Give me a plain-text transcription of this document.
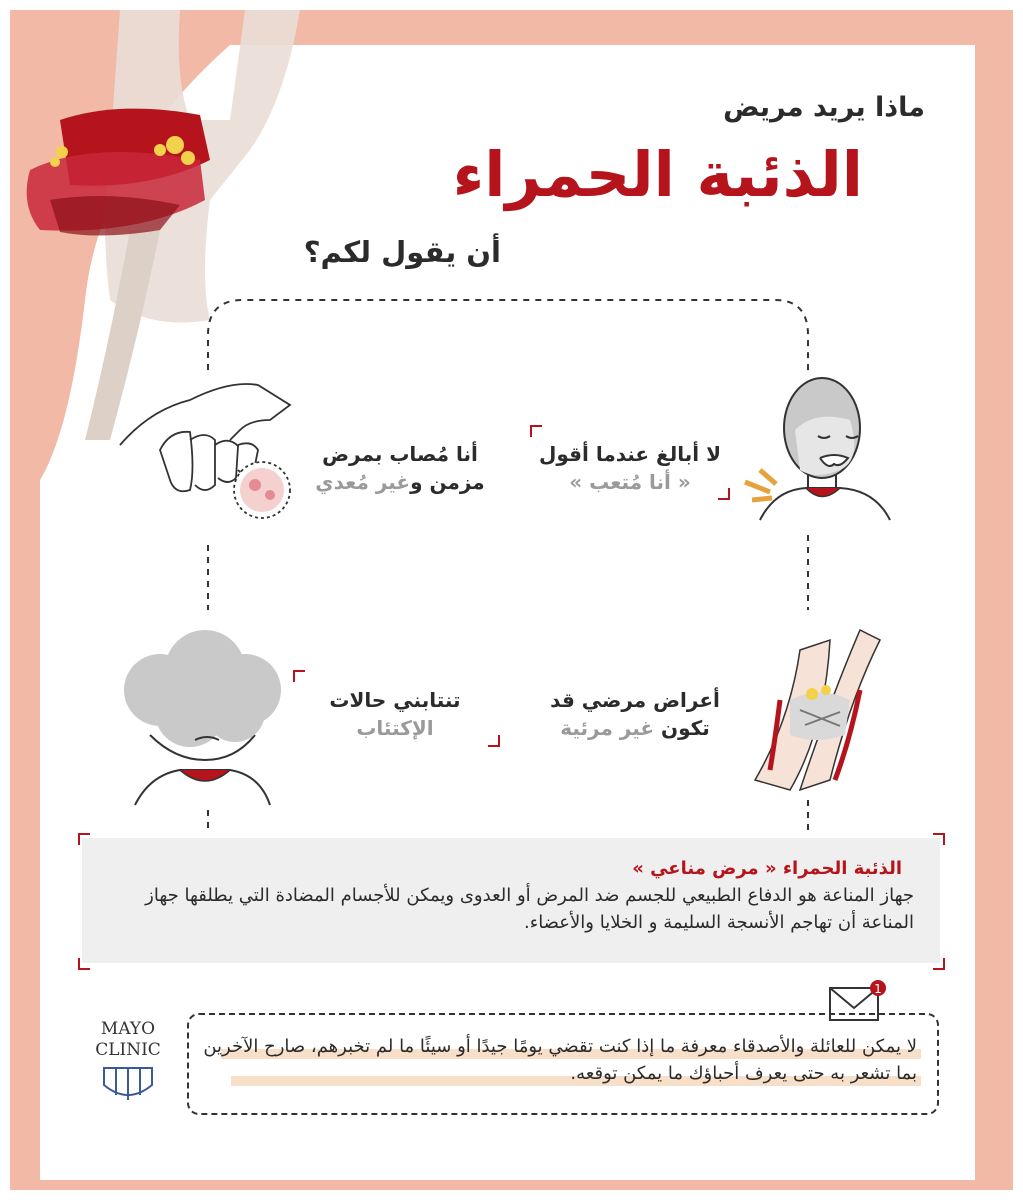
1
ماذا يريد مريض
الذئبة الحمراء
أن يقول لكم؟
لا أبالغ عندما أقول
« أنا مُتعب »
أنا مُصاب بمرض
مزمن وغير مُعدي
أعراض مرضي قد
تكون غير مرئية
تنتابني حالات
الإكتئاب
الذئبة الحمراء « مرض مناعي »
جهاز المناعة هو الدفاع الطبيعي للجسم ضد المرض أو العدوى ويمكن للأجسام المضادة التي يطلقها جهاز المناعة أن تهاجم الأنسجة السليمة و الخلايا والأعضاء.
لا يمكن للعائلة والأصدقاء معرفة ما إذا كنت تقضي يومًا جيدًا أو سيئًا ما لم تخبرهم، صارح الآخرين بما تشعر به حتى يعرف أحباؤك ما يمكن توقعه.
MAYO
CLINIC
